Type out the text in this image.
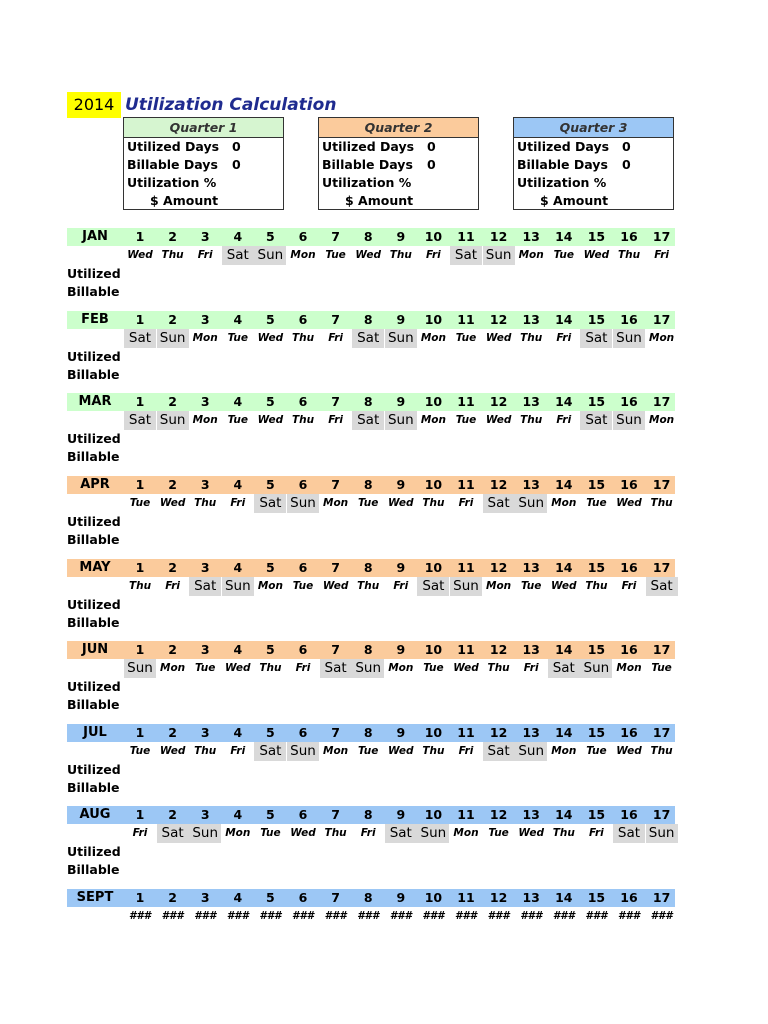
2014 Utilization Calculation
Quarter 1
Utilized Days 0
Billable Days 0
Utilization %
$ Amount
Quarter 2
Utilized Days 0
Billable Days 0
Utilization %
$ Amount
Quarter 3
Utilized Days 0
Billable Days 0
Utilization %
$ Amount
JAN	1	2	3	4	5	6	7	8	9	10	11	12	13	14	15	16	17
Wed Thu	Fri	Sat Sun Mon Tue Wed Thu	Fri	Sat Sun Mon Tue Wed Thu	Fri
Utilized
Billable
FEB	1	2	3	4	5	6	7	8	9	10	11	12	13	14	15	16	17
Sat Sun Mon Tue Wed Thu	Fri	Sat Sun Mon Tue Wed Thu	Fri	Sat Sun Mon
Utilized
Billable
MAR	1	2	3	4	5	6	7	8	9	10	11	12	13	14	15	16	17
Sat Sun Mon Tue Wed Thu	Fri	Sat Sun Mon Tue Wed Thu	Fri	Sat Sun Mon
Utilized
Billable
APR	1	2	3	4	5	6	7	8	9	10	11	12	13	14	15	16	17
Tue Wed Thu	Fri	Sat Sun Mon Tue Wed Thu	Fri	Sat Sun Mon Tue Wed Thu
Utilized
Billable
MAY	1	2	3	4	5	6	7	8	9	10	11	12	13	14	15	16	17
Thu	Fri	Sat Sun Mon Tue Wed Thu	Fri	Sat Sun Mon Tue Wed Thu	Fri	Sat
Utilized
Billable
JUN	1	2	3	4	5	6	7	8	9	10	11	12	13	14	15	16	17
Sun Mon Tue Wed Thu	Fri	Sat Sun Mon Tue Wed Thu	Fri	Sat Sun Mon Tue
Utilized
Billable
JUL	1	2	3	4	5	6	7	8	9	10	11	12	13	14	15	16	17
Tue Wed Thu	Fri	Sat Sun Mon Tue Wed Thu	Fri	Sat Sun Mon Tue Wed Thu
Utilized
Billable
AUG	1	2	3	4	5	6	7	8	9	10	11	12	13	14	15	16	17
Fri	Sat Sun Mon Tue Wed Thu	Fri	Sat Sun Mon Tue Wed Thu	Fri	Sat Sun
Utilized
Billable
SEPT	1	2	3	4	5	6	7	8	9	10	11	12	13	14	15	16	17
###	###	###	###	###	###	###	###	###	###	###	###	###	###	###	###	###
